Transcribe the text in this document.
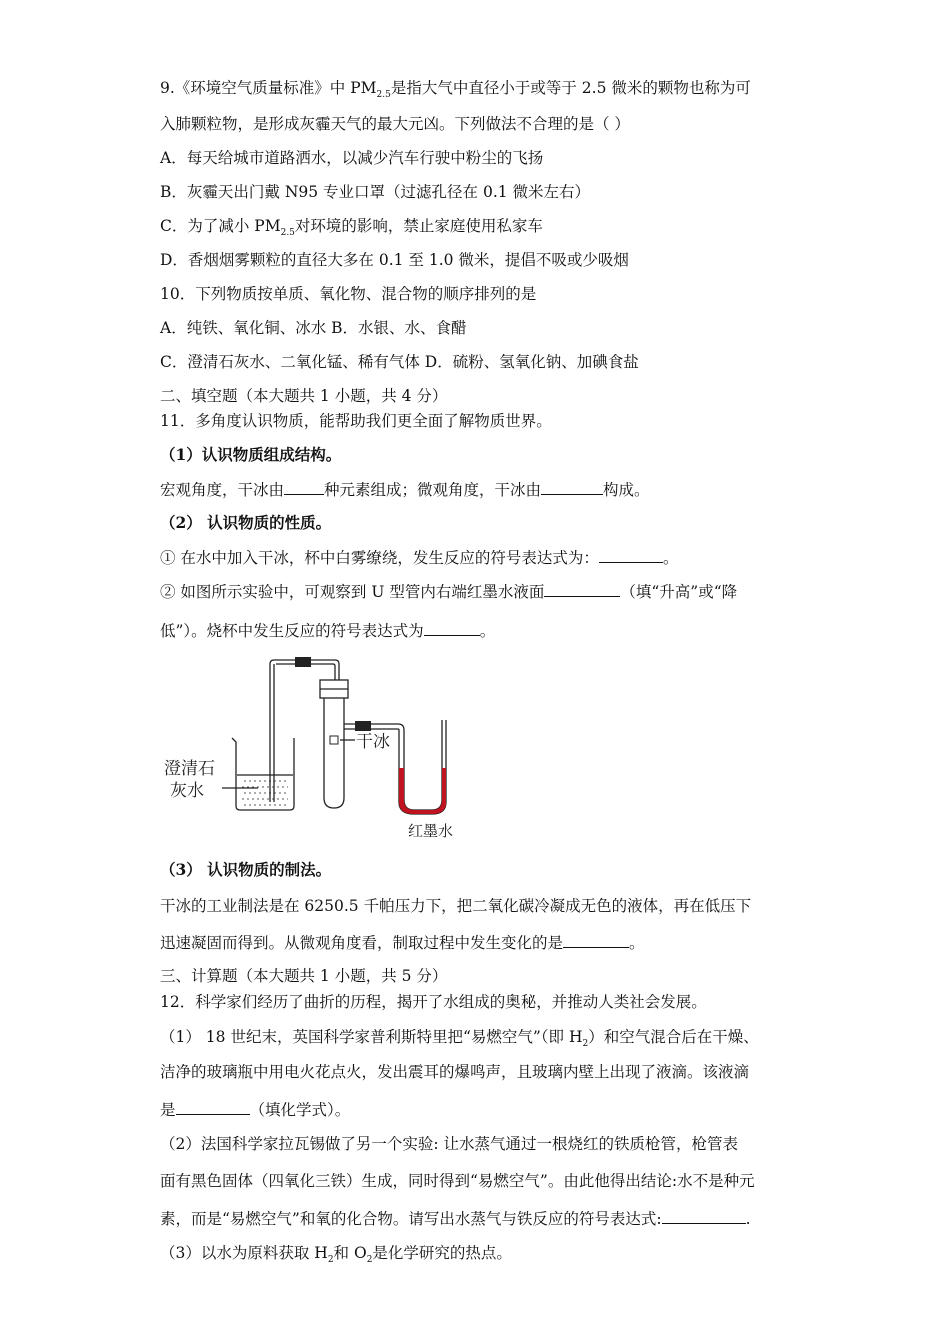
9.《环境空气质量标准》中 $PM_{2.5}$是指大气中直径小于或等于 2.5 微米的颗物也称为可
入肺颗粒物，是形成灰霾天气的最大元凶。下列做法不合理的是（ ）
A．每天给城市道路洒水，以减少汽车行驶中粉尘的飞扬
B．灰霾天出门戴 N95 专业口罩（过滤孔径在 0.1 微米左右）
C．为了减小 $PM_{2.5}$对环境的影响，禁止家庭使用私家车
D．香烟烟雾颗粒的直径大多在 0.1 至 1.0 微米，提倡不吸或少吸烟
10．下列物质按单质、氧化物、混合物的顺序排列的是
A．纯铁、氧化铜、冰水 B．水银、水、食醋
C．澄清石灰水、二氧化锰、稀有气体 D．硫粉、氢氧化钠、加碘食盐
二、填空题（本大题共 1 小题，共 4 分）
11．多角度认识物质，能帮助我们更全面了解物质世界。
（1）认识物质组成结构。
宏观角度，干冰由	种元素组成；微观角度，干冰由	构成。
（2） 认识物质的性质。
① 在水中加入干冰，杯中白雾缭绕，发生反应的符号表达式为：	。
② 如图所示实验中，可观察到 U 型管内右端红墨水液面	（填“升高”或“降
低”）。烧杯中发生反应的符号表达式为	。
澄清石
灰水
干冰
红墨水
（3） 认识物质的制法。
干冰的工业制法是在 6250.5 千帕压力下，把二氧化碳冷凝成无色的液体，再在低压下
迅速凝固而得到。从微观角度看，制取过程中发生变化的是	。
三、计算题（本大题共 1 小题，共 5 分）
12．科学家们经历了曲折的历程，揭开了水组成的奥秘，并推动人类社会发展。
（1） 18 世纪末，英国科学家普利斯特里把“易燃空气”（即 $H_2$）和空气混合后在干燥、
洁净的玻璃瓶中用电火花点火，发出震耳的爆鸣声，且玻璃内壁上出现了液滴。该液滴
是	（填化学式）。
（2）法国科学家拉瓦锡做了另一个实验: 让水蒸气通过一根烧红的铁质枪管，枪管表
面有黑色固体（四氧化三铁）生成，同时得到“易燃空气”。由此他得出结论:水不是种元
素，而是“易燃空气”和氧的化合物。请写出水蒸气与铁反应的符号表达式:	.
（3）以水为原料获取 $H_2$和 $O_2$是化学研究的热点。
